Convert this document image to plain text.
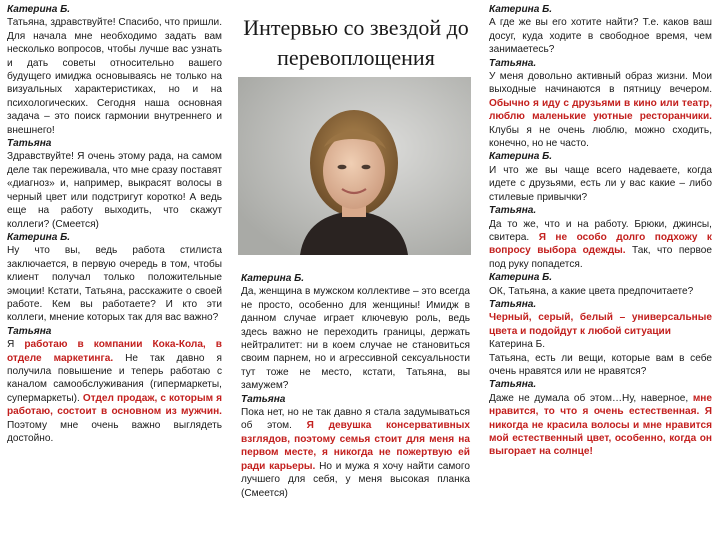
Катерина Б.

Татьяна, здравствуйте! Спасибо, что пришли. Для начала мне необходимо задать вам несколько вопросов, чтобы лучше вас узнать и дать советы относительно вашего будущего имиджа основываясь не только на визуальных характеристиках, но и на психологических. Сегодня наша основная задача – это поиск гармонии внутреннего и внешнего!

Татьяна

Здравствуйте! Я очень этому рада, на самом деле так переживала, что мне сразу поставят «диагноз» и, например, выкрасят волосы в черный цвет или подстригут коротко! А ведь еще на работу выходить, что скажут коллеги? (Смеется)

Катерина Б.

Ну что вы, ведь работа стилиста заключается, в первую очередь в том, чтобы клиент получал только положительные эмоции! Кстати, Татьяна, расскажите о своей работе. Кем вы работаете? И кто эти коллеги, мнение которых так для вас важно?

Татьяна

Я работаю в компании Кока-Кола, в отделе маркетинга. Не так давно я получила повышение и теперь работаю с каналом самообслуживания (гипермаркеты, супермаркеты). Отдел продаж, с которым я работаю, состоит в основном из мужчин. Поэтому мне очень важно выглядеть достойно.

Интервью со звездой до перевоплощения

Катерина Б.

Да, женщина в мужском коллективе – это всегда не просто, особенно для женщины! Имидж в данном случае играет ключевую роль, ведь здесь важно не переходить границы, держать нейтралитет: ни в коем случае не становиться своим парнем, но и агрессивной сексуальности тут тоже не место, кстати, Татьяна, вы замужем?

Татьяна

Пока нет, но не так давно я стала задумываться об этом. Я девушка консервативных взглядов, поэтому семья стоит для меня на первом месте, я никогда не пожертвую ей ради карьеры. Но и мужа я хочу найти самого лучшего для себя, у меня высокая планка (Смеется)

Катерина Б.

А где же вы его хотите найти? Т.е. каков ваш досуг, куда ходите в свободное время, чем занимаетесь?

Татьяна.

У меня довольно активный образ жизни. Мои выходные начинаются в пятницу вечером. Обычно я иду с друзьями в кино или театр, люблю маленькие уютные ресторанчики. Клубы я не очень люблю, можно сходить, конечно, но не часто.

Катерина Б.

И что же вы чаще всего надеваете, когда идете с друзьями, есть ли у вас какие – либо стилевые привычки?

Татьяна.

Да то же, что и на работу. Брюки, джинсы, свитера. Я не особо долго подхожу к вопросу выбора одежды. Так, что первое под руку попадется.

Катерина Б.

ОК, Татьяна, а какие цвета предпочитаете?

Татьяна.

Черный, серый, белый – универсальные цвета и подойдут к любой ситуации

Катерина Б.

Татьяна, есть ли вещи, которые вам в себе очень нравятся или не нравятся?

Татьяна.

Даже не думала об этом…Ну, наверное, мне нравится, то что я очень естественная. Я никогда не красила волосы и мне нравится мой естественный цвет, особенно, когда он выгорает на солнце!
